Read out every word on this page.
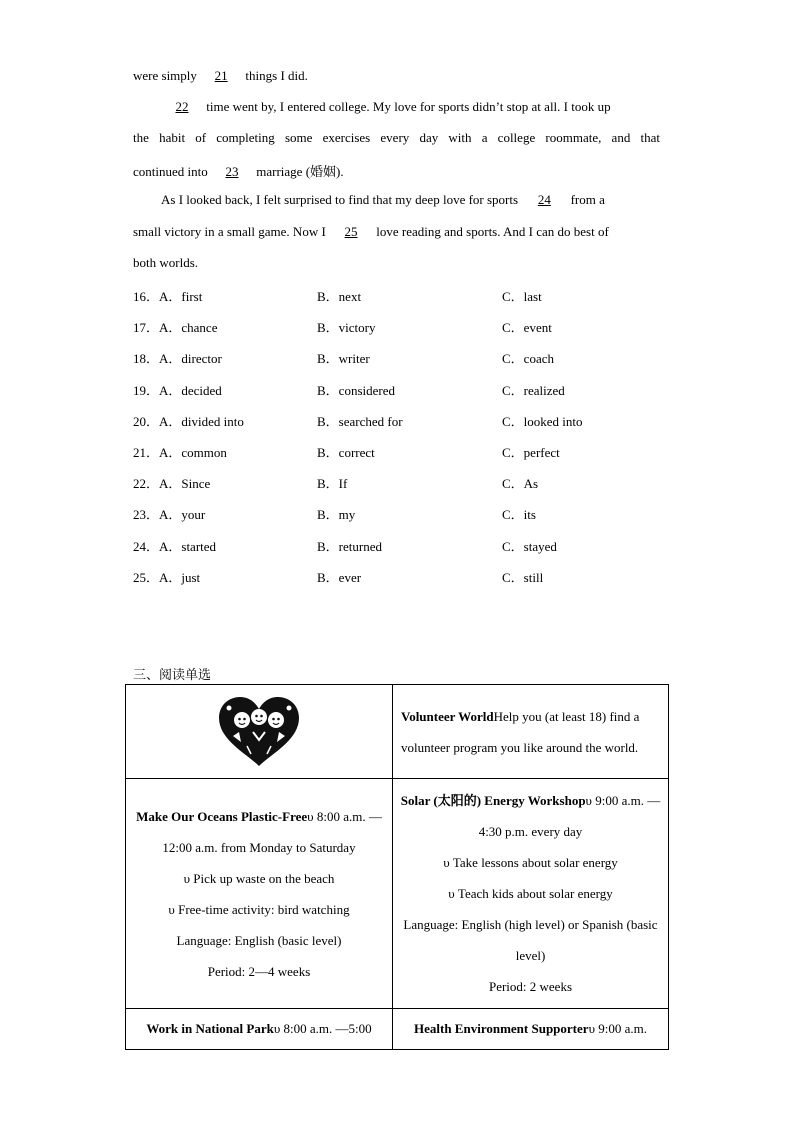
were simply 21 things I did.
22 time went by, I entered college. My love for sports didn’t stop at all. I took up
the habit of completing some exercises every day with a college roommate, and that
continued into 23 marriage (婚姻).
As I looked back, I felt surprised to find that my deep love for sports 24 from a
small victory in a small game. Now I 25 love reading and sports. And I can do best of
both worlds.
16．A．first	B．next	C．last
17．A．chance	B．victory	C．event
18．A．director	B．writer	C．coach
19．A．decided	B．considered	C．realized
20．A．divided into	B．searched for	C．looked into
21．A．common	B．correct	C．perfect
22．A．Since	B．If	C．As
23．A．your	B．my	C．its
24．A．started	B．returned	C．stayed
25．A．just	B．ever	C．still
三、阅读单选
	Volunteer WorldHelp you (at least 18) find a volunteer program you like around the world.
Make Our Oceans Plastic-Freeυ 8:00 a.m. —12:00 a.m. from Monday to Saturday
υ Pick up waste on the beach
υ Free-time activity: bird watching
Language: English (basic level)
Period: 2—4 weeks	Solar (太阳的) Energy Workshopυ 9:00 a.m. —4:30 p.m. every day
υ Take lessons about solar energy
υ Teach kids about solar energy
Language: English (high level) or Spanish (basic level)
Period: 2 weeks
Work in National Parkυ 8:00 a.m. —5:00	Health Environment Supporterυ 9:00 a.m.
